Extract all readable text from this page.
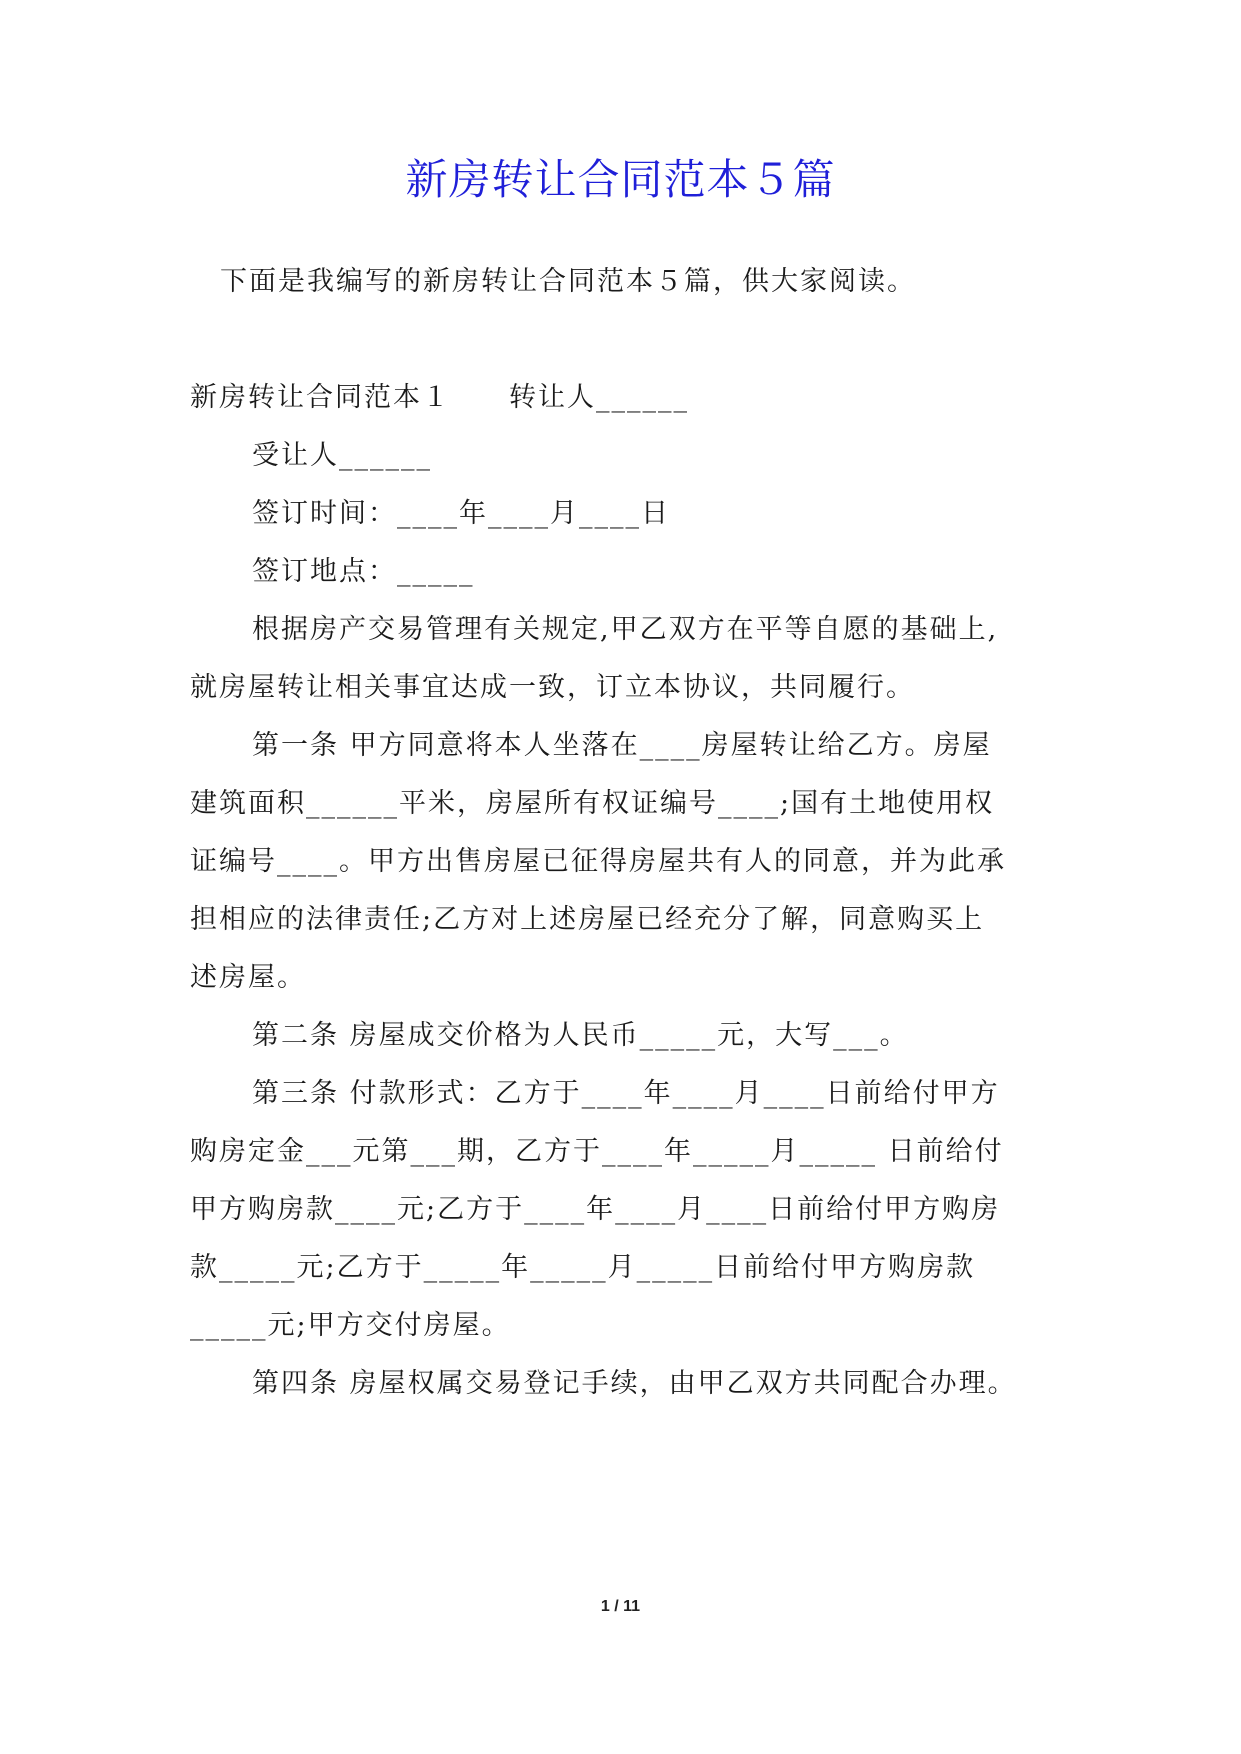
新房转让合同范本５篇

下面是我编写的新房转让合同范本５篇，供大家阅读。

新房转让合同范本１　　转让人______

受让人______

签订时间：____年____月____日

签订地点：_____

根据房产交易管理有关规定,甲乙双方在平等自愿的基础上,

就房屋转让相关事宜达成一致，订立本协议，共同履行。

第一条 甲方同意将本人坐落在____房屋转让给乙方。房屋

建筑面积______平米，房屋所有权证编号____;国有土地使用权

证编号____。甲方出售房屋已征得房屋共有人的同意，并为此承

担相应的法律责任;乙方对上述房屋已经充分了解，同意购买上

述房屋。

第二条 房屋成交价格为人民币_____元，大写___。

第三条 付款形式：乙方于____年____月____日前给付甲方

购房定金___元第___期，乙方于____年_____月_____ 日前给付

甲方购房款____元;乙方于____年____月____日前给付甲方购房

款_____元;乙方于_____年_____月_____日前给付甲方购房款

_____元;甲方交付房屋。

第四条 房屋权属交易登记手续，由甲乙双方共同配合办理。

1 / 11
